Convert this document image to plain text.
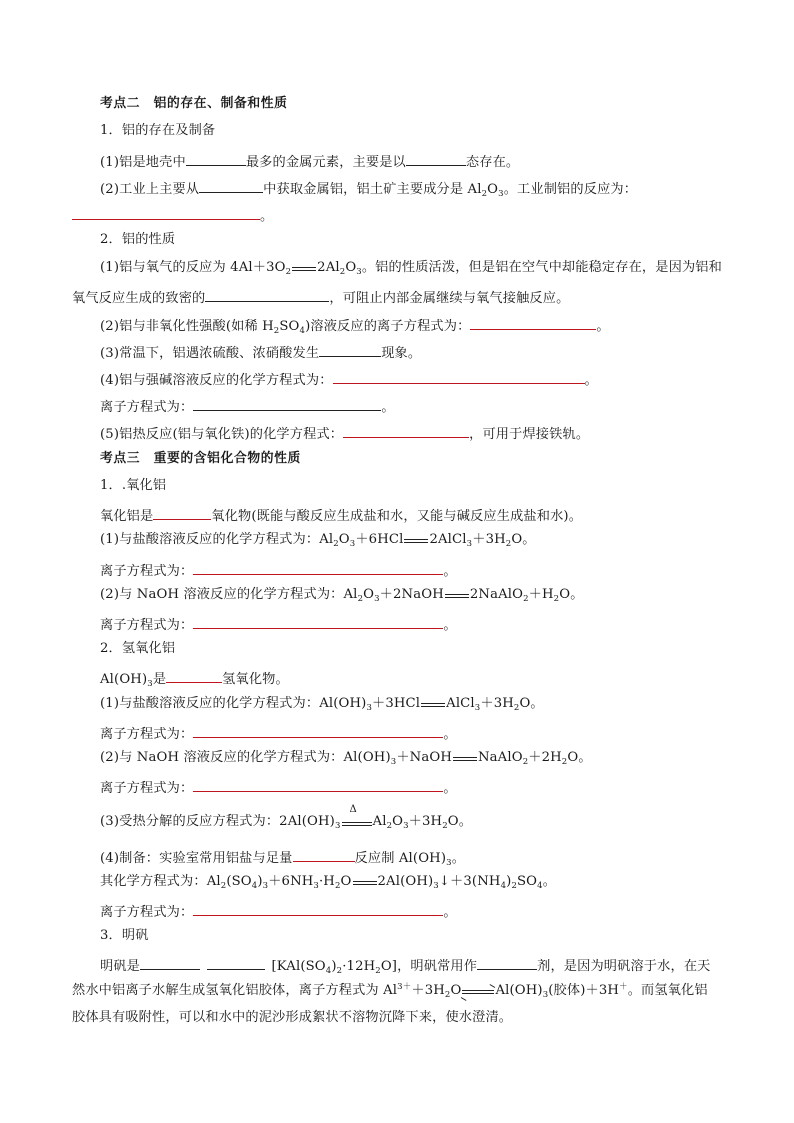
考点二　铝的存在、制备和性质
1．铝的存在及制备
(1)铝是地壳中	最多的金属元素，主要是以	态存在。
(2)工业上主要从	中获取金属铝，铝土矿主要成分是 $Al_2O_3$。工业制铝的反应为：
。
2．铝的性质
(1)铝与氧气的反应为 $4Al+3O_2$ $2Al_2O_3$。铝的性质活泼，但是铝在空气中却能稳定存在，是因为铝和
氧气反应生成的致密的	，可阻止内部金属继续与氧气接触反应。
(2)铝与非氧化性强酸(如稀 $H_2SO_4$)溶液反应的离子方程式为：	。
(3)常温下，铝遇浓硫酸、浓硝酸发生	现象。
(4)铝与强碱溶液反应的化学方程式为：	。
离子方程式为：	。
(5)铝热反应(铝与氧化铁)的化学方程式：	，可用于焊接铁轨。
考点三　重要的含铝化合物的性质
1．.氧化铝
氧化铝是	氧化物(既能与酸反应生成盐和水，又能与碱反应生成盐和水)。
(1)与盐酸溶液反应的化学方程式为：$Al_2O_3+6HCl$ $2AlCl_3+3H_2O$。
离子方程式为：	。
(2)与 NaOH 溶液反应的化学方程式为：$Al_2O_3+2NaOH$ $2NaAlO_2+H_2O$。
离子方程式为：	。
2．氢氧化铝
$Al(OH)_3$是	氢氧化物。
(1)与盐酸溶液反应的化学方程式为：$Al(OH)_3+3HCl$ $AlCl_3+3H_2O$。
离子方程式为：	。
(2)与 NaOH 溶液反应的化学方程式为：$Al(OH)_3+NaOH$ $NaAlO_2+2H_2O$。
离子方程式为：	。
(3)受热分解的反应方程式为：$2Al(OH)_3$
Δ
$Al_2O_3+3H_2O$。
(4)制备：实验室常用铝盐与足量	反应制 $Al(OH)_3$。
其化学方程式为：$Al_2(SO_4)_3+6NH_3\cdot H_2O$ $2Al(OH)_3↓+3(NH_4)_2SO_4$。
离子方程式为：	。
3．明矾
明矾是  	$[KAl(SO_4)_2\cdot 12H_2O]$，明矾常用作	剂，是因为明矾溶于水，在天
然水中铝离子水解生成氢氧化铝胶体，离子方程式为 $Al^{3+}+3H_2O$	$Al(OH)_3$(胶体)＋3H＋。而氢氧化铝
胶体具有吸附性，可以和水中的泥沙形成絮状不溶物沉降下来，使水澄清。
